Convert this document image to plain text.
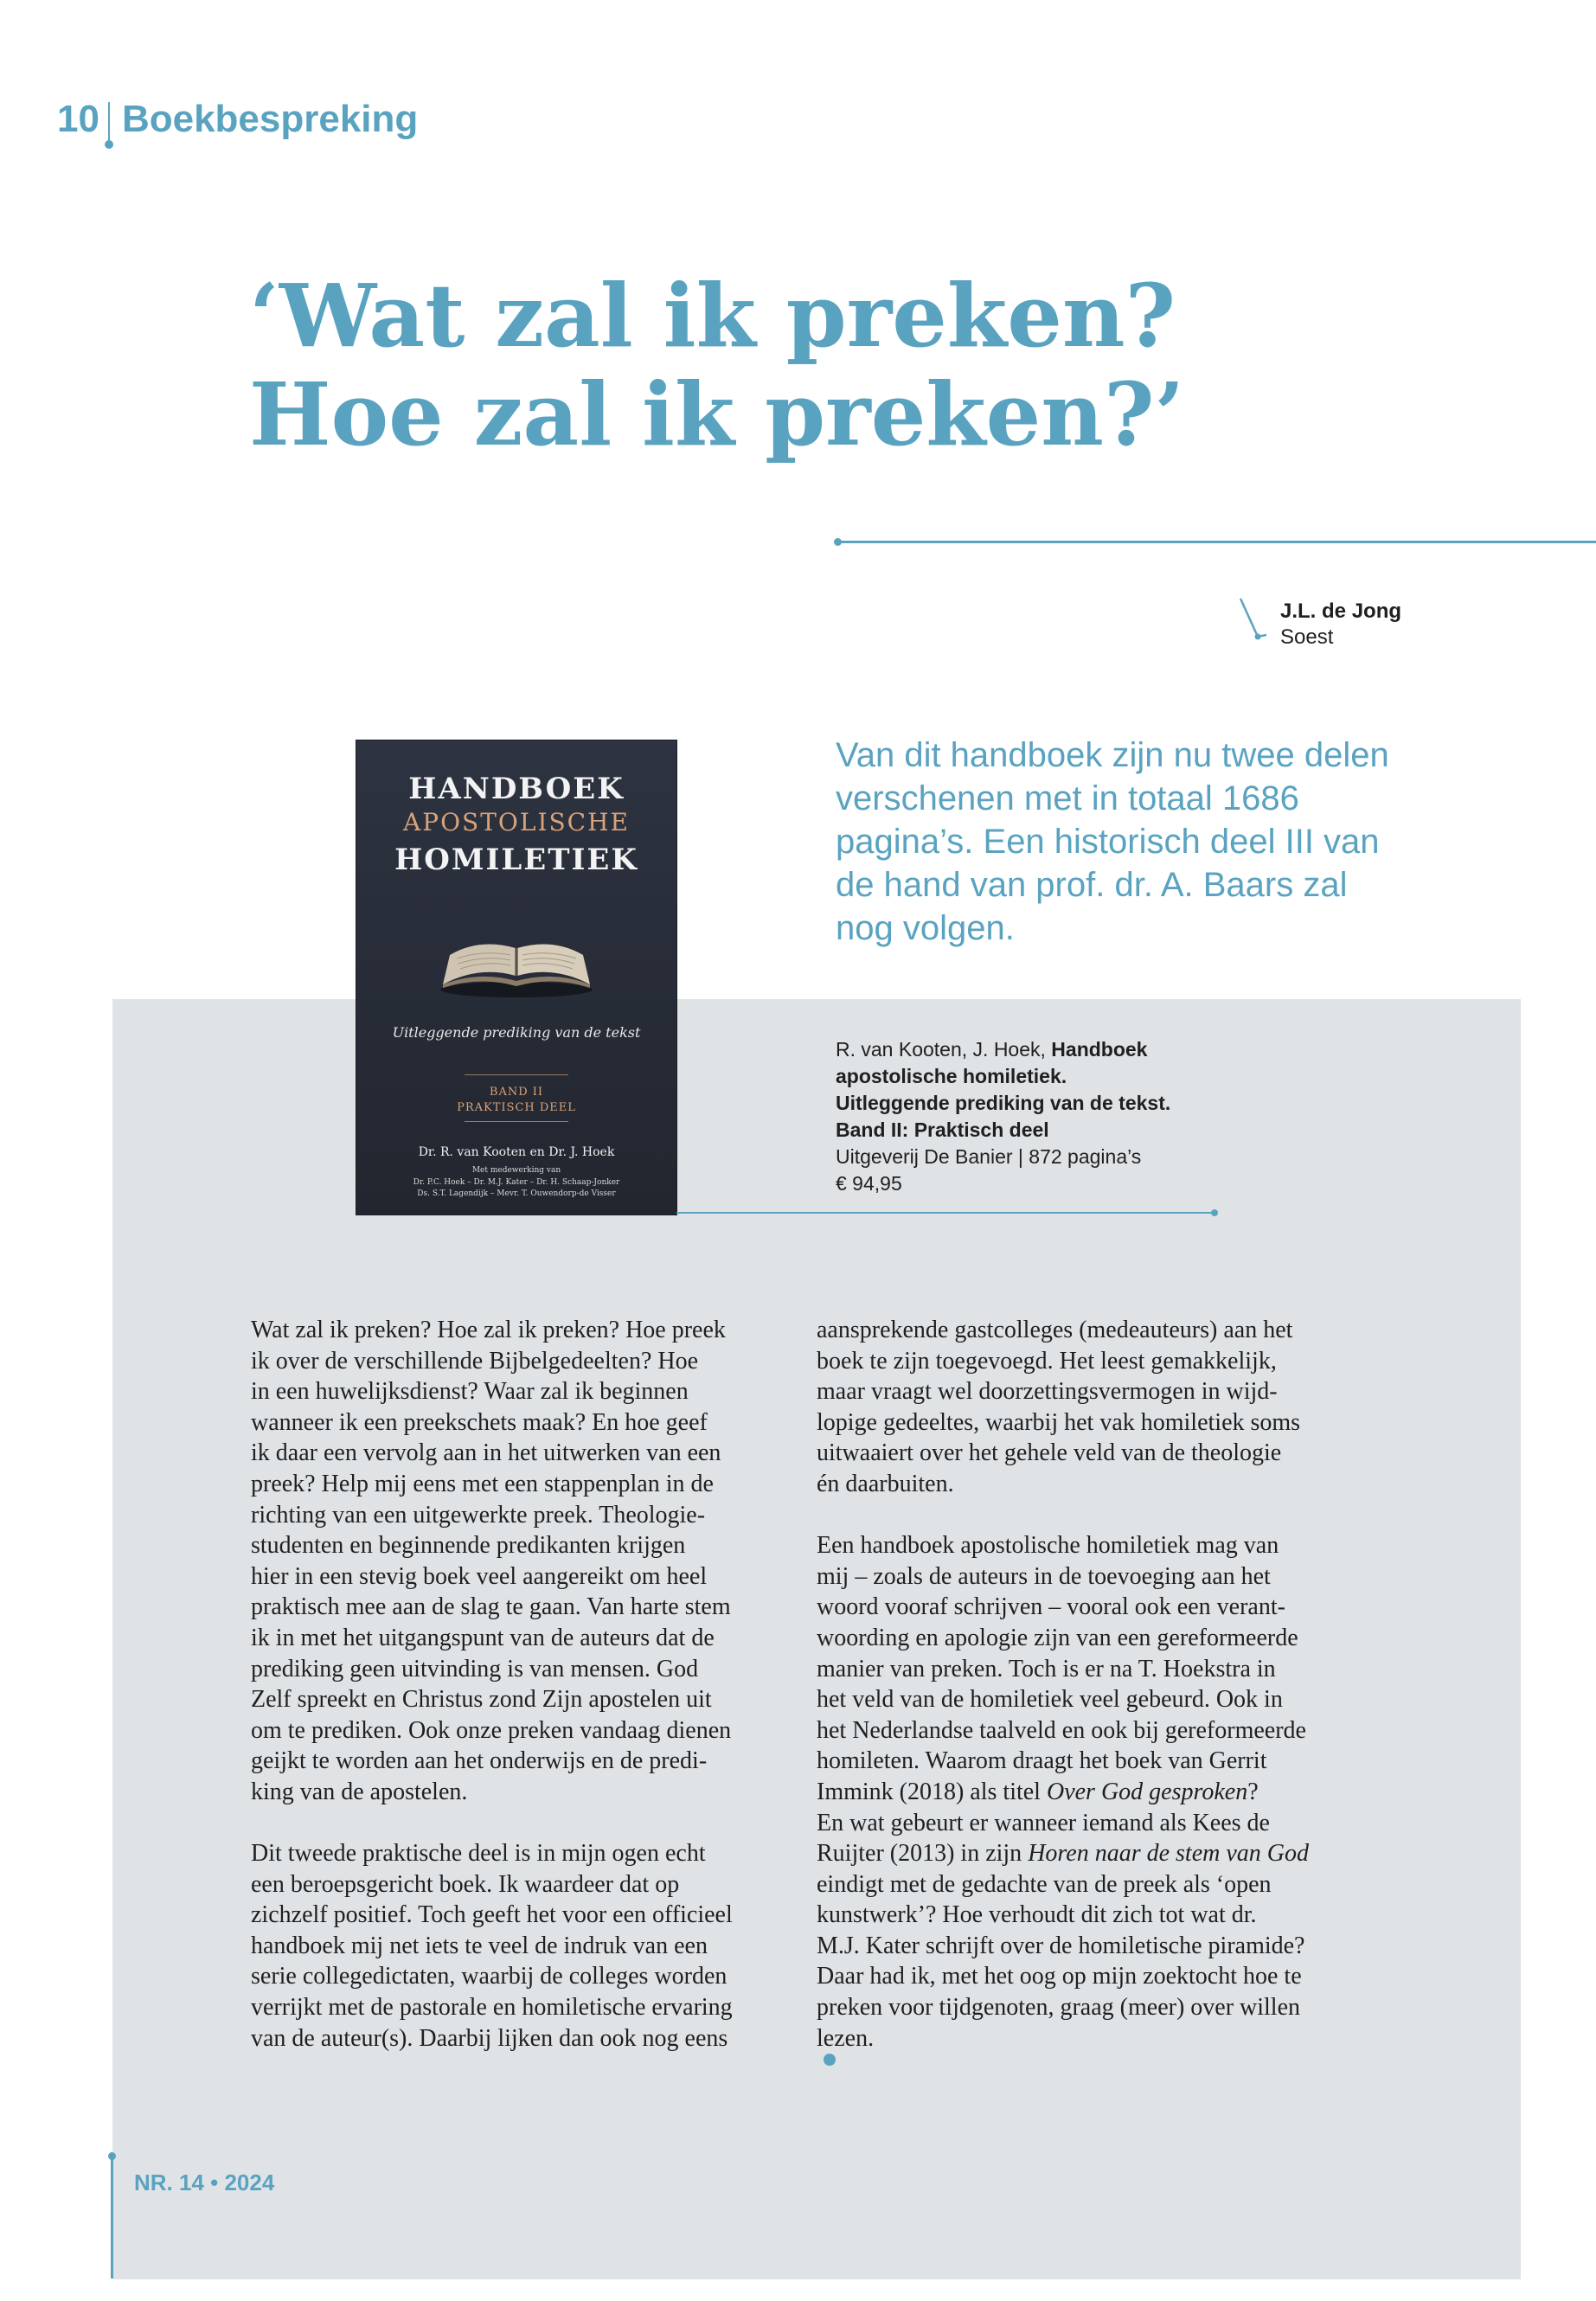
10 Boekbespreking
‘Wat zal ik preken?
Hoe zal ik preken?’
J.L. de Jong
Soest
HANDBOEK
APOSTOLISCHE
HOMILETIEK
Uitleggende prediking van de tekst
BAND II
PRAKTISCH DEEL
Dr. R. van Kooten en Dr. J. Hoek
Met medewerking van
Dr. P.C. Hoek – Dr. M.J. Kater – Dr. H. Schaap-Jonker
Ds. S.T. Lagendijk – Mevr. T. Ouwendorp-de Visser

Van dit handboek zijn nu twee delen verschenen met in totaal 1686 pagina’s. Een historisch deel III van de hand van prof. dr. A. Baars zal nog volgen.

R. van Kooten, J. Hoek, Handboek
apostolische homiletiek.
Uitleggende prediking van de tekst.
Band II: Praktisch deel
Uitgeverij De Banier | 872 pagina’s
€ 94,95

Wat zal ik preken? Hoe zal ik preken? Hoe preek
ik over de verschillende Bijbelgedeelten? Hoe
in een huwelijksdienst? Waar zal ik beginnen
wanneer ik een preekschets maak? En hoe geef
ik daar een vervolg aan in het uitwerken van een
preek? Help mij eens met een stappenplan in de
richting van een uitgewerkte preek. Theologie-
studenten en beginnende predikanten krijgen
hier in een stevig boek veel aangereikt om heel
praktisch mee aan de slag te gaan. Van harte stem
ik in met het uitgangspunt van de auteurs dat de
prediking geen uitvinding is van mensen. God
Zelf spreekt en Christus zond Zijn apostelen uit
om te prediken. Ook onze preken vandaag dienen
geijkt te worden aan het onderwijs en de predi-
king van de apostelen.

Dit tweede praktische deel is in mijn ogen echt
een beroepsgericht boek. Ik waardeer dat op
zichzelf positief. Toch geeft het voor een officieel
handboek mij net iets te veel de indruk van een
serie collegedictaten, waarbij de colleges worden
verrijkt met de pastorale en homiletische ervaring
van de auteur(s). Daarbij lijken dan ook nog eens

aansprekende gastcolleges (medeauteurs) aan het
boek te zijn toegevoegd. Het leest gemakkelijk,
maar vraagt wel doorzettingsvermogen in wijd-
lopige gedeeltes, waarbij het vak homiletiek soms
uitwaaiert over het gehele veld van de theologie
én daarbuiten.

Een handboek apostolische homiletiek mag van
mij – zoals de auteurs in de toevoeging aan het
woord vooraf schrijven – vooral ook een verant-
woording en apologie zijn van een gereformeerde
manier van preken. Toch is er na T. Hoekstra in
het veld van de homiletiek veel gebeurd. Ook in
het Nederlandse taalveld en ook bij gereformeerde
homileten. Waarom draagt het boek van Gerrit
Immink (2018) als titel Over God gesproken?
En wat gebeurt er wanneer iemand als Kees de
Ruijter (2013) in zijn Horen naar de stem van God
eindigt met de gedachte van de preek als ‘open
kunstwerk’? Hoe verhoudt dit zich tot wat dr.
M.J. Kater schrijft over de homiletische piramide?
Daar had ik, met het oog op mijn zoektocht hoe te
preken voor tijdgenoten, graag (meer) over willen
lezen.

NR. 14 • 2024
